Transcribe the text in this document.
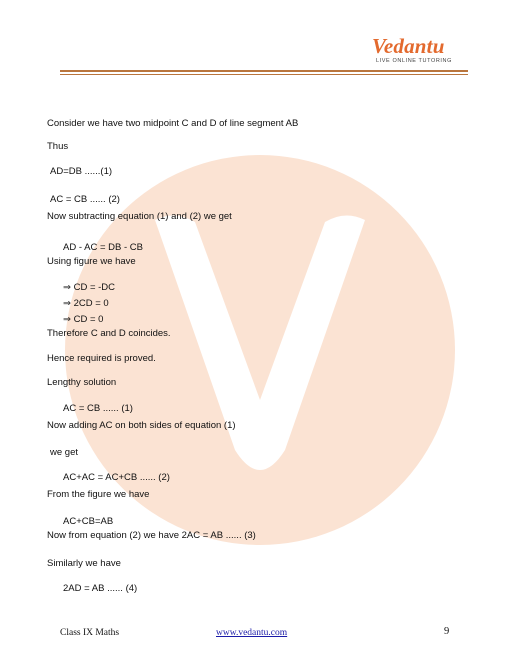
Vedantu
LIVE ONLINE TUTORING
Consider we have two midpoint C and D of line segment AB
Thus
AD=DB ......(1)
AC = CB ...... (2)
Now subtracting equation (1) and (2) we get
AD - AC = DB - CB
Using figure we have
⇒ CD = -DC
⇒ 2CD = 0
⇒ CD = 0
Therefore C and D coincides.
Hence required is proved.
Lengthy solution
AC = CB ...... (1)
Now adding AC on both sides of equation (1)
we get
AC+AC = AC+CB ...... (2)
From the figure we have
AC+CB=AB
Now from equation (2) we have 2AC = AB ...... (3)
Similarly we have
2AD = AB ...... (4)
Class IX Maths	www.vedantu.com	9
